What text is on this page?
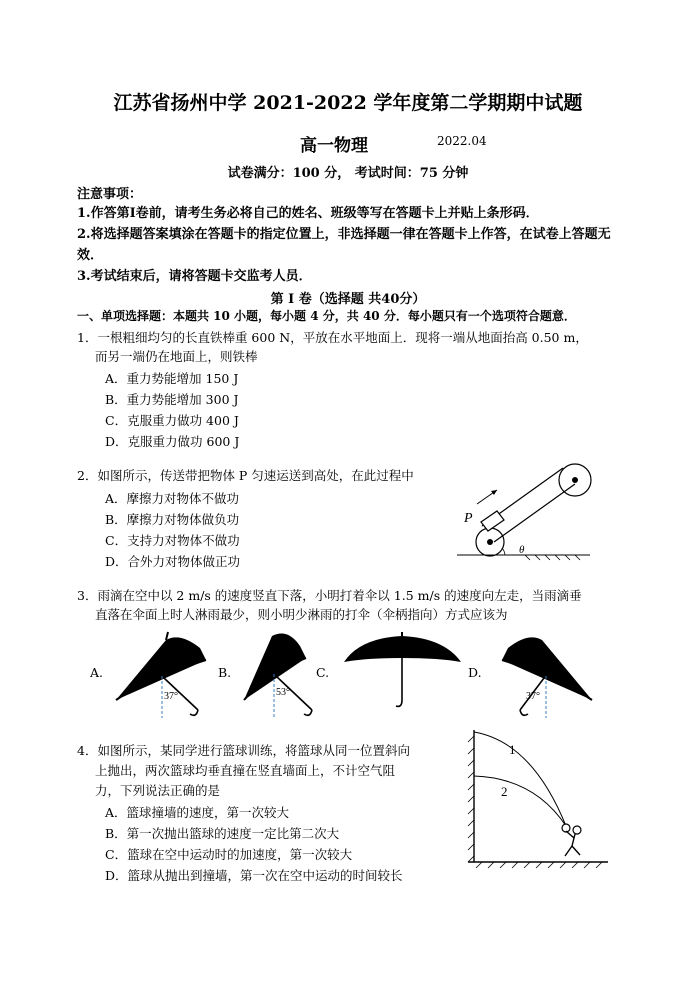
江苏省扬州中学 2021-2022 学年度第二学期期中试题
高一物理	2022.04
试卷满分：100 分， 考试时间：75 分钟
注意事项：
1.作答第Ⅰ卷前，请考生务必将自己的姓名、班级等写在答题卡上并贴上条形码．
2.将选择题答案填涂在答题卡的指定位置上，非选择题一律在答题卡上作答，在试卷上答题无效．
3.考试结束后，请将答题卡交监考人员．
第 Ⅰ 卷（选择题 共40分）
一、单项选择题：本题共 10 小题，每小题 4 分，共 40 分．每小题只有一个选项符合题意．
1．一根粗细均匀的长直铁棒重 600 N，平放在水平地面上．现将一端从地面抬高 0.50 m，
而另一端仍在地面上，则铁棒
A．重力势能增加 150 J
B．重力势能增加 300 J
C．克服重力做功 400 J
D．克服重力做功 600 J
2．如图所示，传送带把物体 P 匀速运送到高处，在此过程中
A．摩擦力对物体不做功
B．摩擦力对物体做负功
C．支持力对物体不做功
D．合外力对物体做正功
P
θ
3．雨滴在空中以 2 m/s 的速度竖直下落，小明打着伞以 1.5 m/s 的速度向左走，当雨滴垂
直落在伞面上时人淋雨最少，则小明少淋雨的打伞（伞柄指向）方式应该为
A.	B.	C.	D.
37°	53°	37°
4．如图所示，某同学进行篮球训练，将篮球从同一位置斜向
上抛出，两次篮球均垂直撞在竖直墙面上，不计空气阻
力，下列说法正确的是
A．篮球撞墙的速度，第一次较大
B．第一次抛出篮球的速度一定比第二次大
C．篮球在空中运动时的加速度，第一次较大
D．篮球从抛出到撞墙，第一次在空中运动的时间较长
1
2
